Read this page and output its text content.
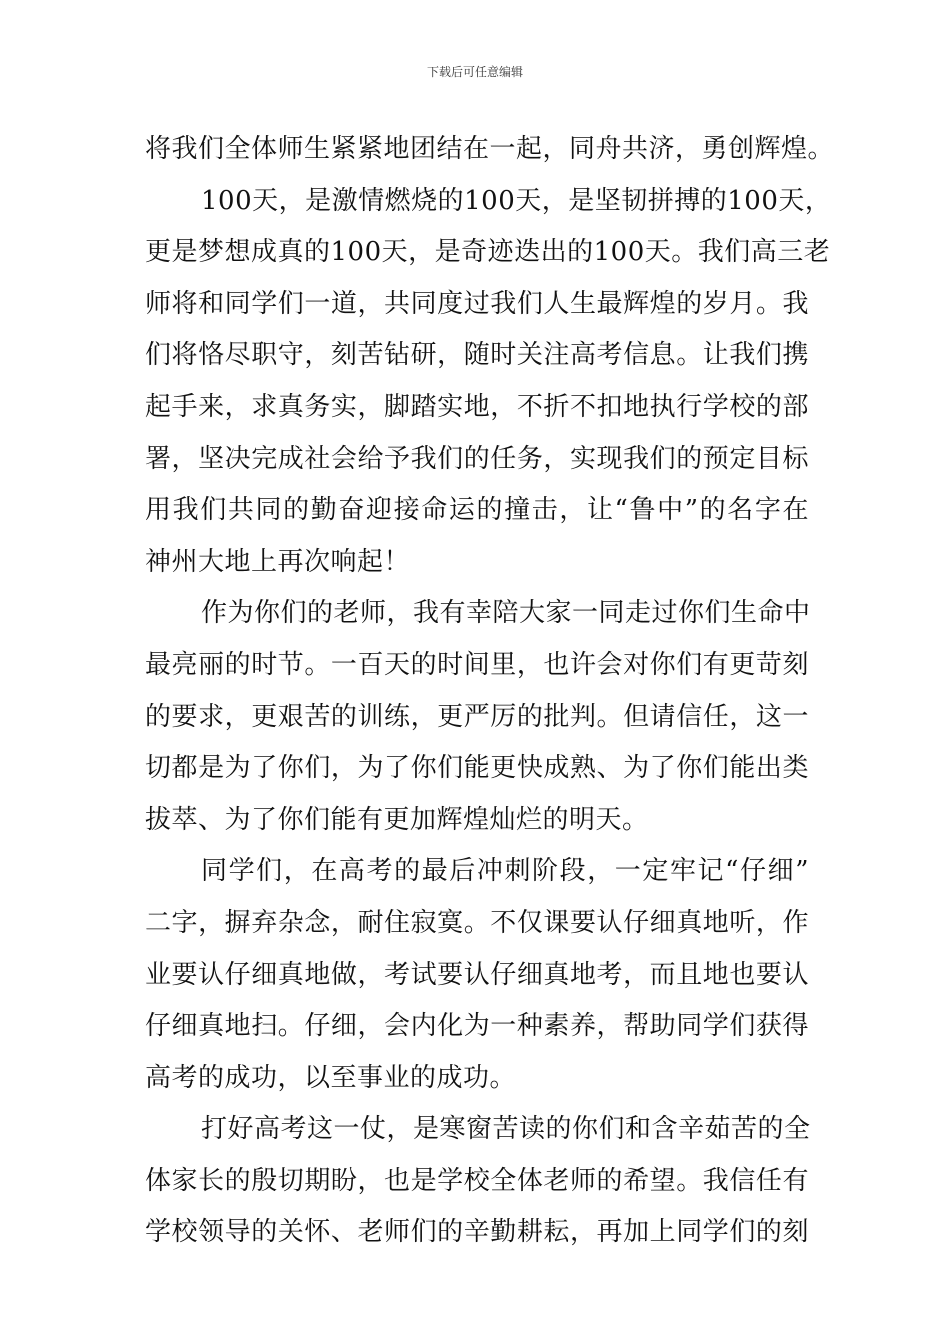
下载后可任意编辑
将我们全体师生紧紧地团结在一起，同舟共济，勇创辉煌。
100天，是激情燃烧的100天，是坚韧拼搏的100天，
更是梦想成真的100天，是奇迹迭出的100天。我们高三老
师将和同学们一道，共同度过我们人生最辉煌的岁月。我
们将恪尽职守，刻苦钻研，随时关注高考信息。让我们携
起手来，求真务实，脚踏实地，不折不扣地执行学校的部
署，坚决完成社会给予我们的任务，实现我们的预定目标
用我们共同的勤奋迎接命运的撞击，让“鲁中”的名字在
神州大地上再次响起！
作为你们的老师，我有幸陪大家一同走过你们生命中
最亮丽的时节。一百天的时间里，也许会对你们有更苛刻
的要求，更艰苦的训练，更严厉的批判。但请信任，这一
切都是为了你们，为了你们能更快成熟、为了你们能出类
拔萃、为了你们能有更加辉煌灿烂的明天。
同学们，在高考的最后冲刺阶段，一定牢记“仔细”
二字，摒弃杂念，耐住寂寞。不仅课要认仔细真地听，作
业要认仔细真地做，考试要认仔细真地考，而且地也要认
仔细真地扫。仔细，会内化为一种素养，帮助同学们获得
高考的成功，以至事业的成功。
打好高考这一仗，是寒窗苦读的你们和含辛茹苦的全
体家长的殷切期盼，也是学校全体老师的希望。我信任有
学校领导的关怀、老师们的辛勤耕耘，再加上同学们的刻
